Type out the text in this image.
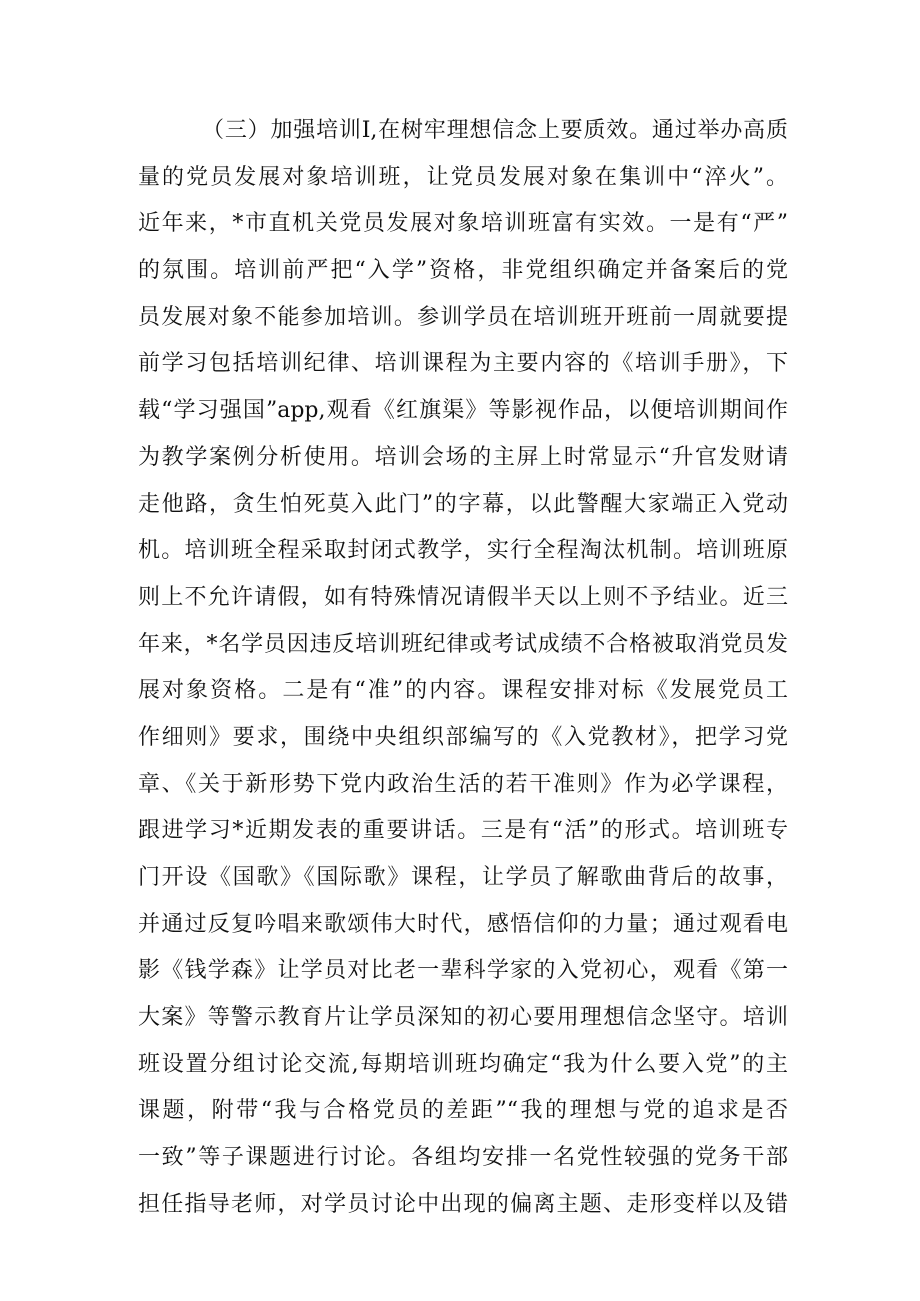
（三）加强培训I,在树牢理想信念上要质效。通过举办高质
量的党员发展对象培训班，让党员发展对象在集训中“淬火”。
近年来，*市直机关党员发展对象培训班富有实效。一是有“严”
的氛围。培训前严把“入学”资格，非党组织确定并备案后的党
员发展对象不能参加培训。参训学员在培训班开班前一周就要提
前学习包括培训纪律、培训课程为主要内容的《培训手册》，下
载“学习强国”app,观看《红旗渠》等影视作品，以便培训期间作
为教学案例分析使用。培训会场的主屏上时常显示“升官发财请
走他路，贪生怕死莫入此门”的字幕，以此警醒大家端正入党动
机。培训班全程采取封闭式教学，实行全程淘汰机制。培训班原
则上不允许请假，如有特殊情况请假半天以上则不予结业。近三
年来，*名学员因违反培训班纪律或考试成绩不合格被取消党员发
展对象资格。二是有“准”的内容。课程安排对标《发展党员工
作细则》要求，围绕中央组织部编写的《入党教材》，把学习党
章、《关于新形势下党内政治生活的若干准则》作为必学课程，
跟进学习*近期发表的重要讲话。三是有“活”的形式。培训班专
门开设《国歌》《国际歌》课程，让学员了解歌曲背后的故事，
并通过反复吟唱来歌颂伟大时代，感悟信仰的力量；通过观看电
影《钱学森》让学员对比老一辈科学家的入党初心，观看《第一
大案》等警示教育片让学员深知的初心要用理想信念坚守。培训
班设置分组讨论交流,每期培训班均确定“我为什么要入党”的主
课题，附带“我与合格党员的差距”“我的理想与党的追求是否
一致”等子课题进行讨论。各组均安排一名党性较强的党务干部
担任指导老师，对学员讨论中出现的偏离主题、走形变样以及错
